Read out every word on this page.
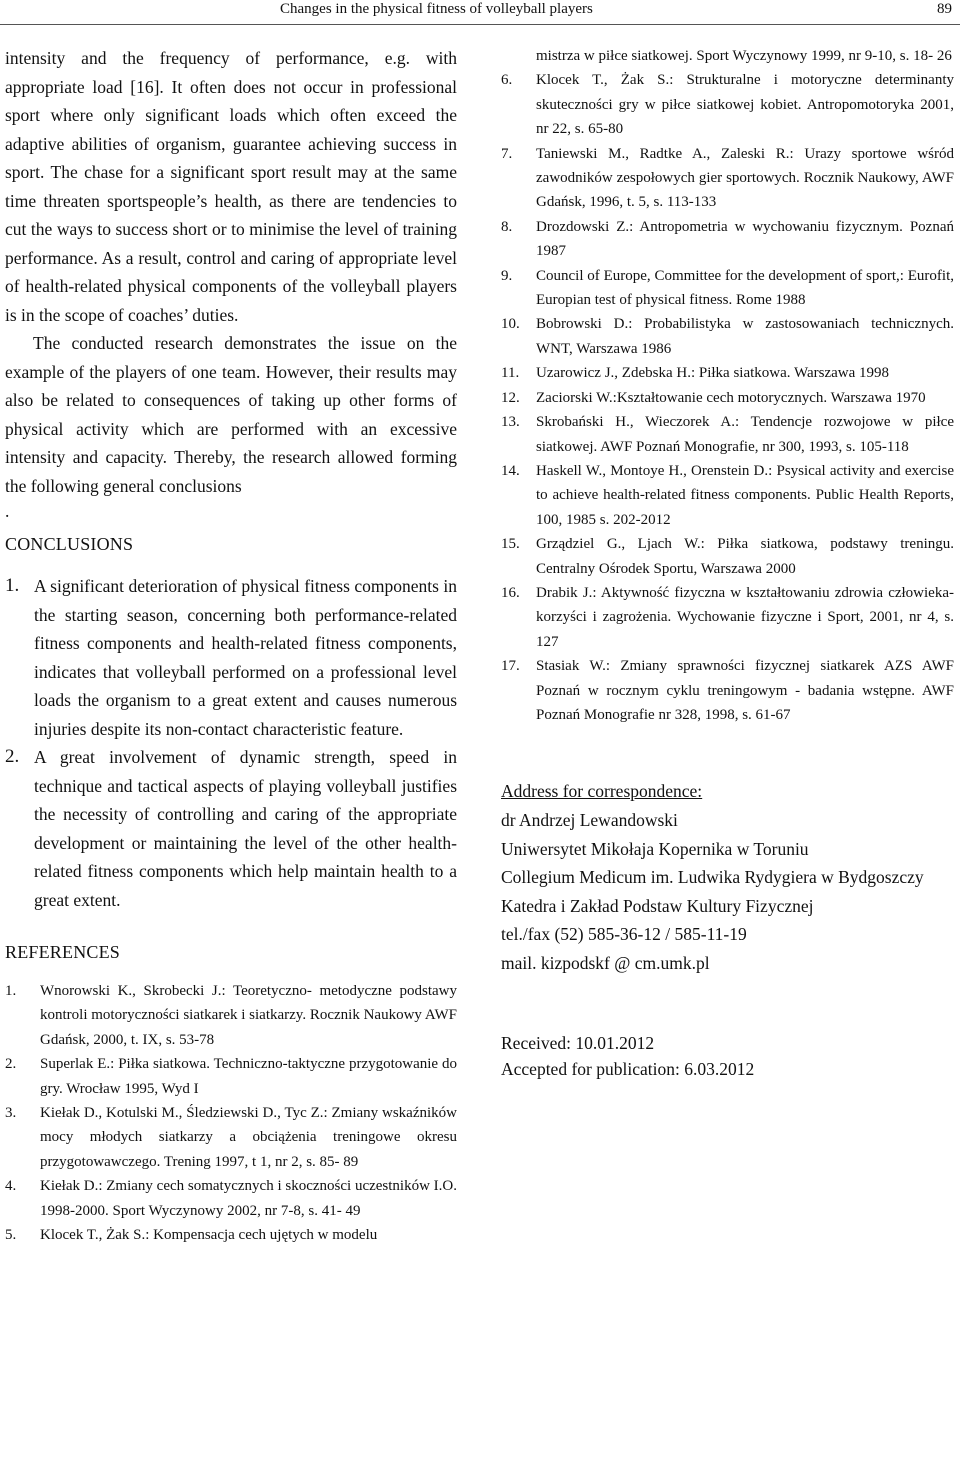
Changes in the physical fitness of volleyball players	89

intensity and the frequency of performance, e.g. with appropriate load [16]. It often does not occur in professional sport where only significant loads which often exceed the adaptive abilities of organism, guarantee achieving success in sport. The chase for a significant sport result may at the same time threaten sportspeople’s health, as there are tendencies to cut the ways to success short or to minimise the level of training performance. As a result, control and caring of appropriate level of health-related physical components of the volleyball players is in the scope of coaches’ duties.

The conducted research demonstrates the issue on the example of the players of one team. However, their results may also be related to consequences of taking up other forms of physical activity which are performed with an excessive intensity and capacity. Thereby, the research allowed forming the following general conclusions

.

CONCLUSIONS
1. A significant deterioration of physical fitness components in the starting season, concerning both performance-related fitness components and health-related fitness components, indicates that volleyball performed on a professional level loads the organism to a great extent and causes numerous injuries despite its non-contact characteristic feature.
2. A great involvement of dynamic strength, speed in technique and tactical aspects of playing volleyball justifies the necessity of controlling and caring of the appropriate development or maintaining the level of the other health-related fitness components which help maintain health to a great extent.
REFERENCES
1. Wnorowski K., Skrobecki J.: Teoretyczno- metodyczne podstawy kontroli motoryczności siatkarek i siatkarzy. Rocznik Naukowy AWF Gdańsk, 2000, t. IX, s. 53-78
2. Superlak E.: Piłka siatkowa. Techniczno-taktyczne przygotowanie do gry. Wrocław 1995, Wyd I
3. Kiełak D., Kotulski M., Śledziewski D., Tyc Z.: Zmiany wskaźników mocy młodych siatkarzy a obciążenia treningowe okresu przygotowawczego. Trening 1997, t 1, nr 2, s. 85- 89
4. Kiełak D.: Zmiany cech somatycznych i skoczności uczestników I.O. 1998-2000. Sport Wyczynowy 2002, nr 7-8, s. 41- 49
5. Klocek T., Żak S.: Kompensacja cech ujętych w modelu
mistrza w piłce siatkowej. Sport Wyczynowy 1999, nr 9-10, s. 18- 26
6. Klocek T., Żak S.: Strukturalne i motoryczne determinanty skuteczności gry w piłce siatkowej kobiet. Antropomotoryka 2001, nr 22, s. 65-80
7. Taniewski M., Radtke A., Zaleski R.: Urazy sportowe wśród zawodników zespołowych gier sportowych. Rocznik Naukowy, AWF Gdańsk, 1996, t. 5, s. 113-133
8. Drozdowski Z.: Antropometria w wychowaniu fizycznym. Poznań 1987
9. Council of Europe, Committee for the development of sport,: Eurofit, Europian test of physical fitness. Rome 1988
10. Bobrowski D.: Probabilistyka w zastosowaniach technicznych. WNT, Warszawa 1986
11. Uzarowicz J., Zdebska H.: Piłka siatkowa. Warszawa 1998
12. Zaciorski W.:Kształtowanie cech motorycznych. Warszawa 1970
13. Skrobański H., Wieczorek A.: Tendencje rozwojowe w piłce siatkowej. AWF Poznań Monografie, nr 300, 1993, s. 105-118
14. Haskell W., Montoye H., Orenstein D.: Psysical activity and exercise to achieve health-related fitness components. Public Health Reports, 100, 1985 s. 202-2012
15. Grządziel G., Ljach W.: Piłka siatkowa, podstawy treningu. Centralny Ośrodek Sportu, Warszawa 2000
16. Drabik J.: Aktywność fizyczna w kształtowaniu zdrowia człowieka- korzyści i zagrożenia. Wychowanie fizyczne i Sport, 2001, nr 4, s. 127
17. Stasiak W.: Zmiany sprawności fizycznej siatkarek AZS AWF Poznań w rocznym cyklu treningowym - badania wstępne. AWF Poznań Monografie nr 328, 1998, s. 61-67
Address for correspondence:
dr Andrzej Lewandowski
Uniwersytet Mikołaja Kopernika w Toruniu
Collegium Medicum im. Ludwika Rydygiera w Bydgoszczy
Katedra i Zakład Podstaw Kultury Fizycznej
tel./fax (52) 585-36-12 / 585-11-19
mail. kizpodskf @ cm.umk.pl
Received: 10.01.2012
Accepted for publication: 6.03.2012
